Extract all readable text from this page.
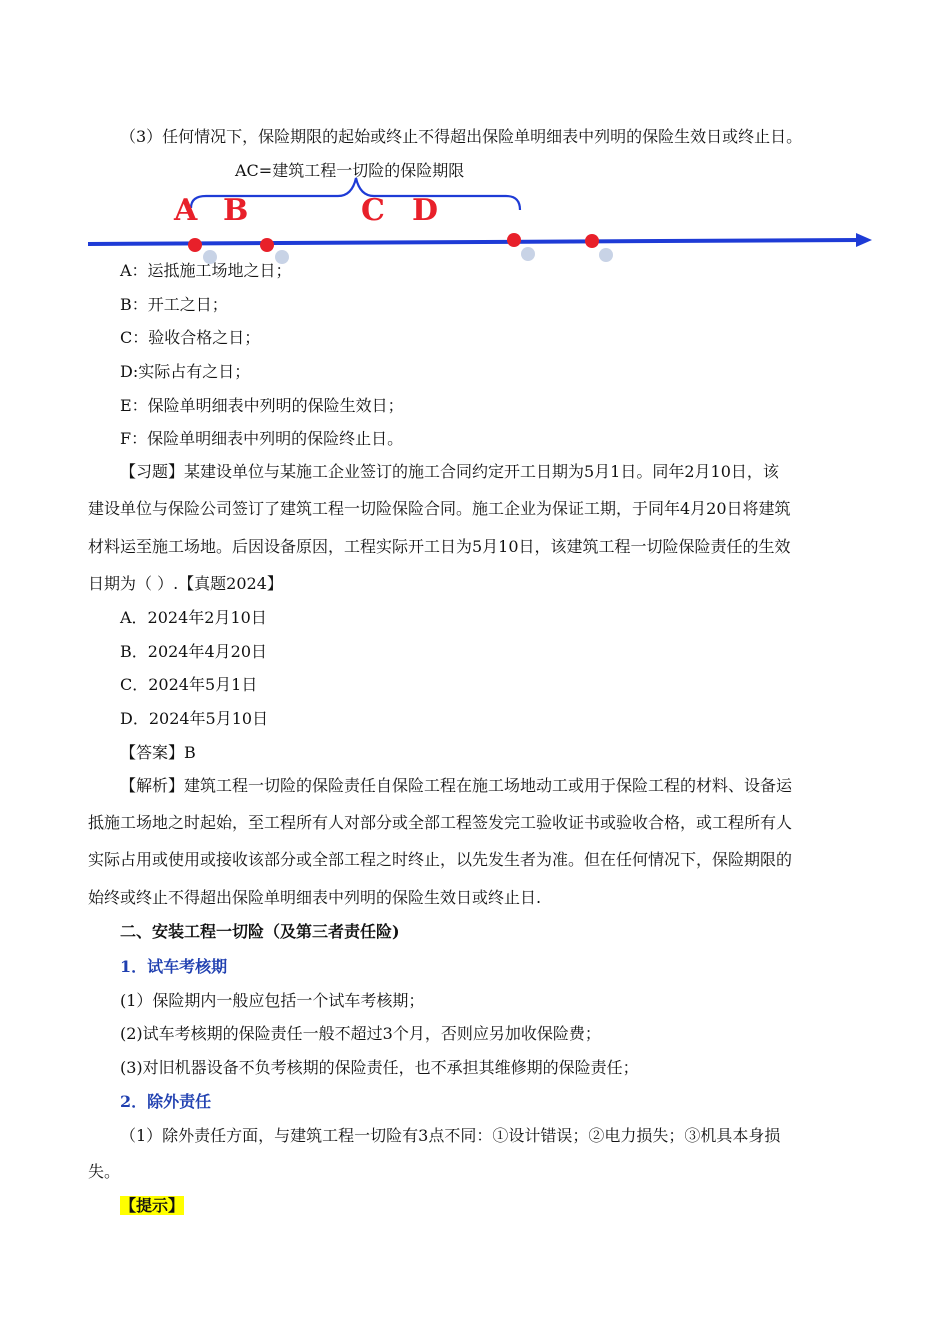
（3）任何情况下，保险期限的起始或终止不得超出保险单明细表中列明的保险生效日或终止日。
AC=建筑工程一切险的保险期限
A B	C D
A：运抵施工场地之日；
B：开工之日；
C：验收合格之日；
D:实际占有之日；
E：保险单明细表中列明的保险生效日；
F：保险单明细表中列明的保险终止日。
【习题】某建设单位与某施工企业签订的施工合同约定开工日期为5月1日。同年2月10日，该
建设单位与保险公司签订了建筑工程一切险保险合同。施工企业为保证工期，于同年4月20日将建筑
材料运至施工场地。后因设备原因，工程实际开工日为5月10日，该建筑工程一切险保险责任的生效
日期为（ ）.【真题2024】
A．2024年2月10日
B．2024年4月20日
C．2024年5月1日
D．2024年5月10日
【答案】B
【解析】建筑工程一切险的保险责任自保险工程在施工场地动工或用于保险工程的材料、设备运
抵施工场地之时起始，至工程所有人对部分或全部工程签发完工验收证书或验收合格，或工程所有人
实际占用或使用或接收该部分或全部工程之时终止，以先发生者为准。但在任何情况下，保险期限的
始终或终止不得超出保险单明细表中列明的保险生效日或终止日.
二、安装工程一切险（及第三者责任险)
1．试车考核期
(1）保险期内一般应包括一个试车考核期；
(2)试车考核期的保险责任一般不超过3个月，否则应另加收保险费；
(3)对旧机器设备不负考核期的保险责任，也不承担其维修期的保险责任；
2．除外责任
（1）除外责任方面，与建筑工程一切险有3点不同：①设计错误；②电力损失；③机具本身损
失。
【提示】
